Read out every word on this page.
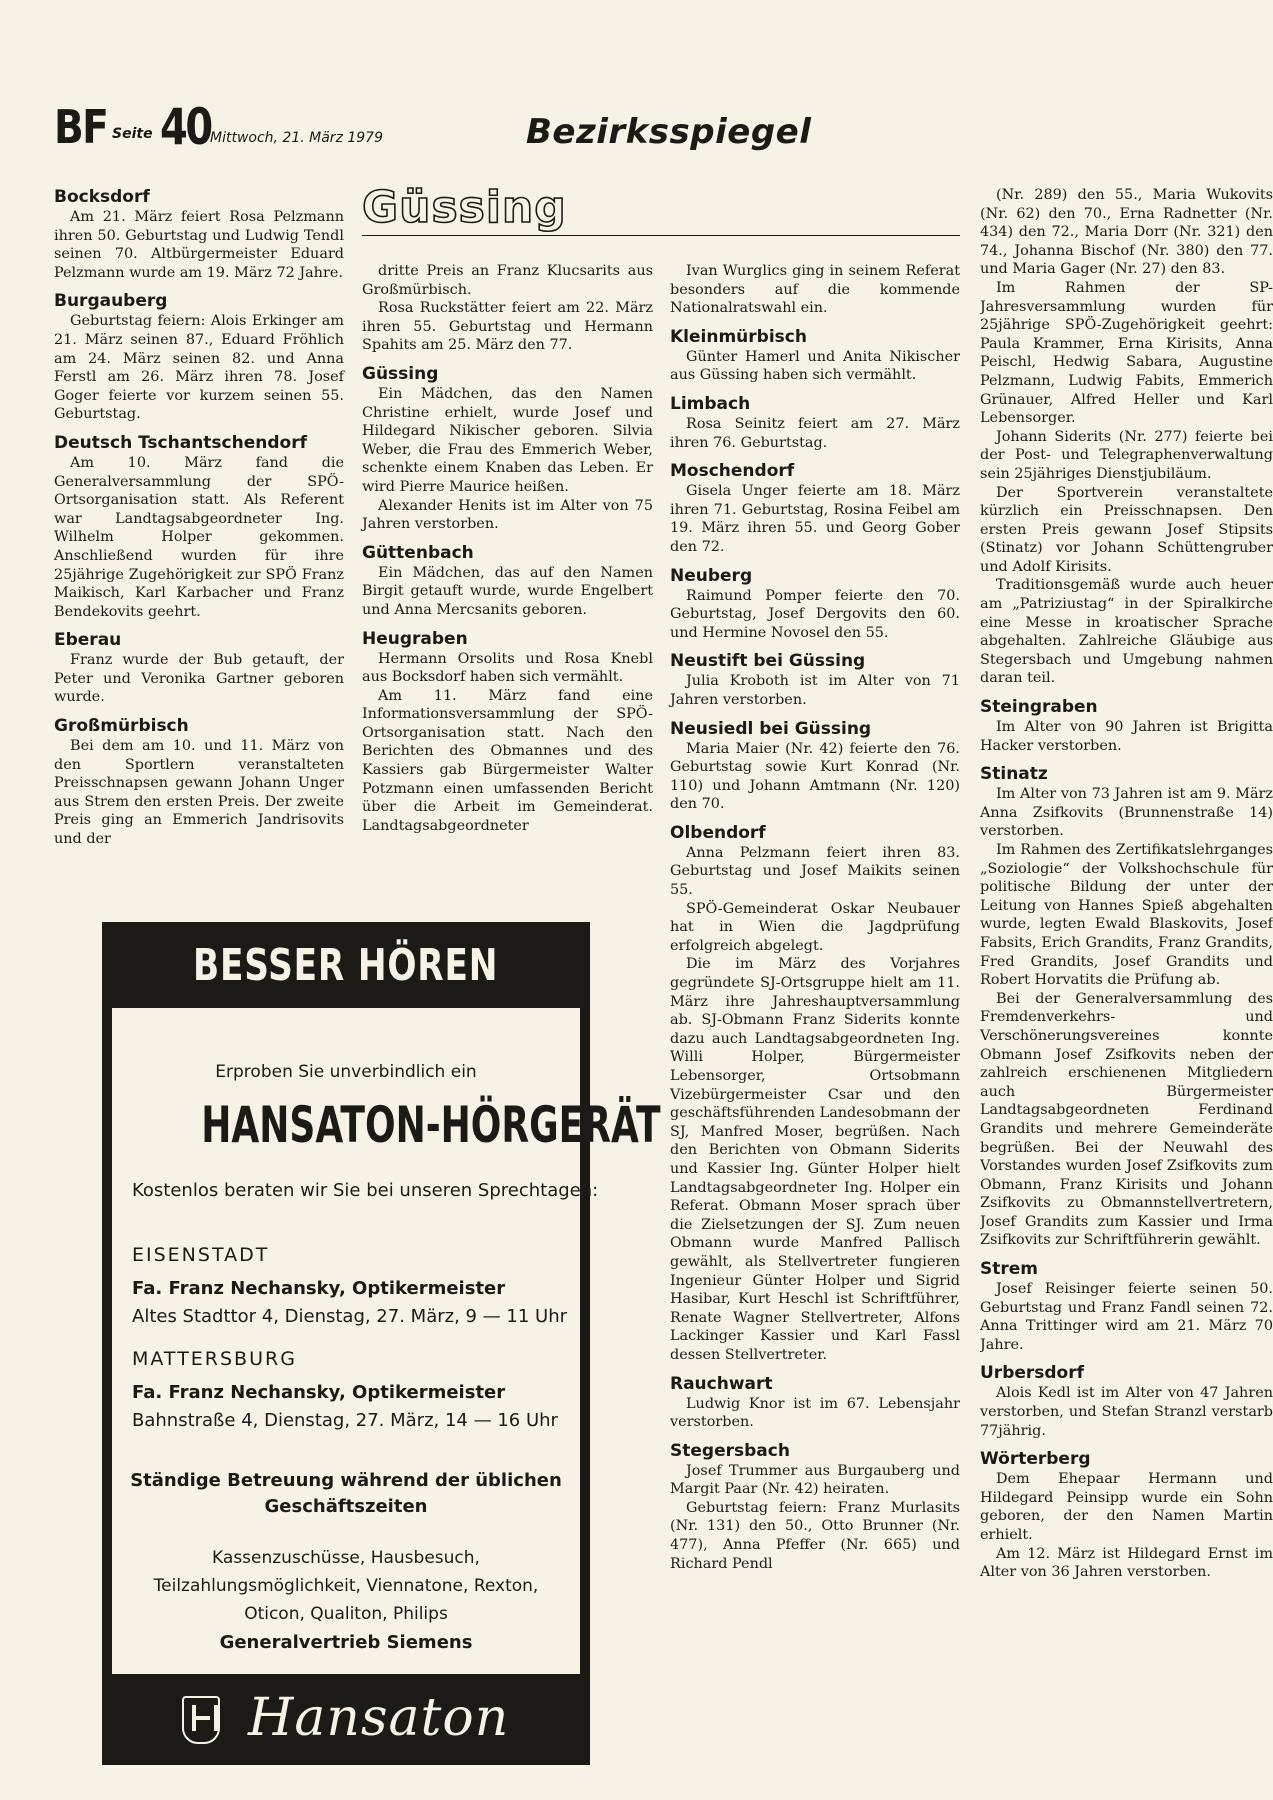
BF Seite 40 Mittwoch, 21. März 1979	Bezirksspiegel
Bocksdorf

Am 21. März feiert Rosa Pelzmann ihren 50. Geburtstag und Ludwig Tendl seinen 70. Altbürgermeister Eduard Pelzmann wurde am 19. März 72 Jahre.

Burgauberg

Geburtstag feiern: Alois Erkinger am 21. März seinen 87., Eduard Fröhlich am 24. März seinen 82. und Anna Ferstl am 26. März ihren 78. Josef Goger feierte vor kurzem seinen 55. Geburtstag.

Deutsch Tschantschendorf

Am 10. März fand die Generalversammlung der SPÖ-Ortsorganisation statt. Als Referent war Landtagsabgeordneter Ing. Wilhelm Holper gekommen. Anschließend wurden für ihre 25jährige Zugehörigkeit zur SPÖ Franz Maikisch, Karl Karbacher und Franz Bendekovits geehrt.

Eberau

Franz wurde der Bub getauft, der Peter und Veronika Gartner geboren wurde.

Großmürbisch

Bei dem am 10. und 11. März von den Sportlern veranstalteten Preisschnapsen gewann Johann Unger aus Strem den ersten Preis. Der zweite Preis ging an Emmerich Jandrisovits und der

Güssing

dritte Preis an Franz Klucsarits aus Großmürbisch.

Rosa Ruckstätter feiert am 22. März ihren 55. Geburtstag und Hermann Spahits am 25. März den 77.

Güssing

Ein Mädchen, das den Namen Christine erhielt, wurde Josef und Hildegard Nikischer geboren. Silvia Weber, die Frau des Emmerich Weber, schenkte einem Knaben das Leben. Er wird Pierre Maurice heißen.

Alexander Henits ist im Alter von 75 Jahren verstorben.

Güttenbach

Ein Mädchen, das auf den Namen Birgit getauft wurde, wurde Engelbert und Anna Mercsanits geboren.

Heugraben

Hermann Orsolits und Rosa Knebl aus Bocksdorf haben sich vermählt.

Am 11. März fand eine Informationsversammlung der SPÖ-Ortsorganisation statt. Nach den Berichten des Obmannes und des Kassiers gab Bürgermeister Walter Potzmann einen umfassenden Bericht über die Arbeit im Gemeinderat. Landtagsabgeordneter

Ivan Wurglics ging in seinem Referat besonders auf die kommende Nationalratswahl ein.

Kleinmürbisch

Günter Hamerl und Anita Nikischer aus Güssing haben sich vermählt.

Limbach

Rosa Seinitz feiert am 27. März ihren 76. Geburtstag.

Moschendorf

Gisela Unger feierte am 18. März ihren 71. Geburtstag, Rosina Feibel am 19. März ihren 55. und Georg Gober den 72.

Neuberg

Raimund Pomper feierte den 70. Geburtstag, Josef Dergovits den 60. und Hermine Novosel den 55.

Neustift bei Güssing

Julia Kroboth ist im Alter von 71 Jahren verstorben.

Neusiedl bei Güssing

Maria Maier (Nr. 42) feierte den 76. Geburtstag sowie Kurt Konrad (Nr. 110) und Johann Amtmann (Nr. 120) den 70.

Olbendorf

Anna Pelzmann feiert ihren 83. Geburtstag und Josef Maikits seinen 55.

SPÖ-Gemeinderat Oskar Neubauer hat in Wien die Jagdprüfung erfolgreich abgelegt.

Die im März des Vorjahres gegründete SJ-Ortsgruppe hielt am 11. März ihre Jahreshauptversammlung ab. SJ-Obmann Franz Siderits konnte dazu auch Landtagsabgeordneten Ing. Willi Holper, Bürgermeister Lebensorger, Ortsobmann Vizebürgermeister Csar und den geschäftsführenden Landesobmann der SJ, Manfred Moser, begrüßen. Nach den Berichten von Obmann Siderits und Kassier Ing. Günter Holper hielt Landtagsabgeordneter Ing. Holper ein Referat. Obmann Moser sprach über die Zielsetzungen der SJ. Zum neuen Obmann wurde Manfred Pallisch gewählt, als Stellvertreter fungieren Ingenieur Günter Holper und Sigrid Hasibar, Kurt Heschl ist Schriftführer, Renate Wagner Stellvertreter, Alfons Lackinger Kassier und Karl Fassl dessen Stellvertreter.

Rauchwart

Ludwig Knor ist im 67. Lebensjahr verstorben.

Stegersbach

Josef Trummer aus Burgauberg und Margit Paar (Nr. 42) heiraten.

Geburtstag feiern: Franz Murlasits (Nr. 131) den 50., Otto Brunner (Nr. 477), Anna Pfeffer (Nr. 665) und Richard Pendl

(Nr. 289) den 55., Maria Wukovits (Nr. 62) den 70., Erna Radnetter (Nr. 434) den 72., Maria Dorr (Nr. 321) den 74., Johanna Bischof (Nr. 380) den 77. und Maria Gager (Nr. 27) den 83.

Im Rahmen der SP-Jahresversammlung wurden für 25jährige SPÖ-Zugehörigkeit geehrt: Paula Krammer, Erna Kirisits, Anna Peischl, Hedwig Sabara, Augustine Pelzmann, Ludwig Fabits, Emmerich Grünauer, Alfred Heller und Karl Lebensorger.

Johann Siderits (Nr. 277) feierte bei der Post- und Telegraphenverwaltung sein 25jähriges Dienstjubiläum.

Der Sportverein veranstaltete kürzlich ein Preisschnapsen. Den ersten Preis gewann Josef Stipsits (Stinatz) vor Johann Schüttengruber und Adolf Kirisits.

Traditionsgemäß wurde auch heuer am „Patriziustag“ in der Spiralkirche eine Messe in kroatischer Sprache abgehalten. Zahlreiche Gläubige aus Stegersbach und Umgebung nahmen daran teil.

Steingraben

Im Alter von 90 Jahren ist Brigitta Hacker verstorben.

Stinatz

Im Alter von 73 Jahren ist am 9. März Anna Zsifkovits (Brunnenstraße 14) verstorben.

Im Rahmen des Zertifikatslehrganges „Soziologie“ der Volkshochschule für politische Bildung der unter der Leitung von Hannes Spieß abgehalten wurde, legten Ewald Blaskovits, Josef Fabsits, Erich Grandits, Franz Grandits, Fred Grandits, Josef Grandits und Robert Horvatits die Prüfung ab.

Bei der Generalversammlung des Fremdenverkehrs- und Verschönerungsvereines konnte Obmann Josef Zsifkovits neben der zahlreich erschienenen Mitgliedern auch Bürgermeister Landtagsabgeordneten Ferdinand Grandits und mehrere Gemeinderäte begrüßen. Bei der Neuwahl des Vorstandes wurden Josef Zsifkovits zum Obmann, Franz Kirisits und Johann Zsifkovits zu Obmannstellvertretern, Josef Grandits zum Kassier und Irma Zsifkovits zur Schriftführerin gewählt.

Strem

Josef Reisinger feierte seinen 50. Geburtstag und Franz Fandl seinen 72. Anna Trittinger wird am 21. März 70 Jahre.

Urbersdorf

Alois Kedl ist im Alter von 47 Jahren verstorben, und Stefan Stranzl verstarb 77jährig.

Wörterberg

Dem Ehepaar Hermann und Hildegard Peinsipp wurde ein Sohn geboren, der den Namen Martin erhielt.

Am 12. März ist Hildegard Ernst im Alter von 36 Jahren verstorben.

BESSER HÖREN
Erproben Sie unverbindlich ein
HANSATON-HÖRGERÄT
Kostenlos beraten wir Sie bei unseren Sprechtagen:
EISENSTADT
Fa. Franz Nechansky, Optikermeister
Altes Stadttor 4, Dienstag, 27. März, 9 — 11 Uhr
MATTERSBURG
Fa. Franz Nechansky, Optikermeister
Bahnstraße 4, Dienstag, 27. März, 14 — 16 Uhr
Ständige Betreuung während der üblichen
Geschäftszeiten
Kassenzuschüsse, Hausbesuch, Teilzahlungsmöglichkeit, Viennatone, Rexton, Oticon, Qualiton, Philips
Generalvertrieb Siemens
Hansaton
